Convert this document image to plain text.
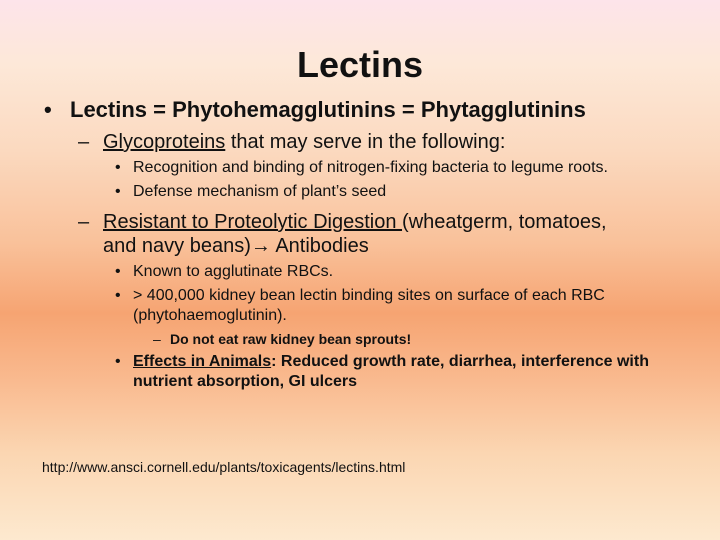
Lectins
• Lectins = Phytohemagglutinins = Phytagglutinins
– Glycoproteins that may serve in the following:
• Recognition and binding of nitrogen-fixing bacteria to legume roots.
• Defense mechanism of plant’s seed
– Resistant to Proteolytic Digestion (wheatgerm, tomatoes, and navy beans)→ Antibodies
• Known to agglutinate RBCs.
• > 400,000 kidney bean lectin binding sites on surface of each RBC (phytohaemoglutinin).
– Do not eat raw kidney bean sprouts!
• Effects in Animals: Reduced growth rate, diarrhea, interference with nutrient absorption, GI ulcers
http://www.ansci.cornell.edu/plants/toxicagents/lectins.html
